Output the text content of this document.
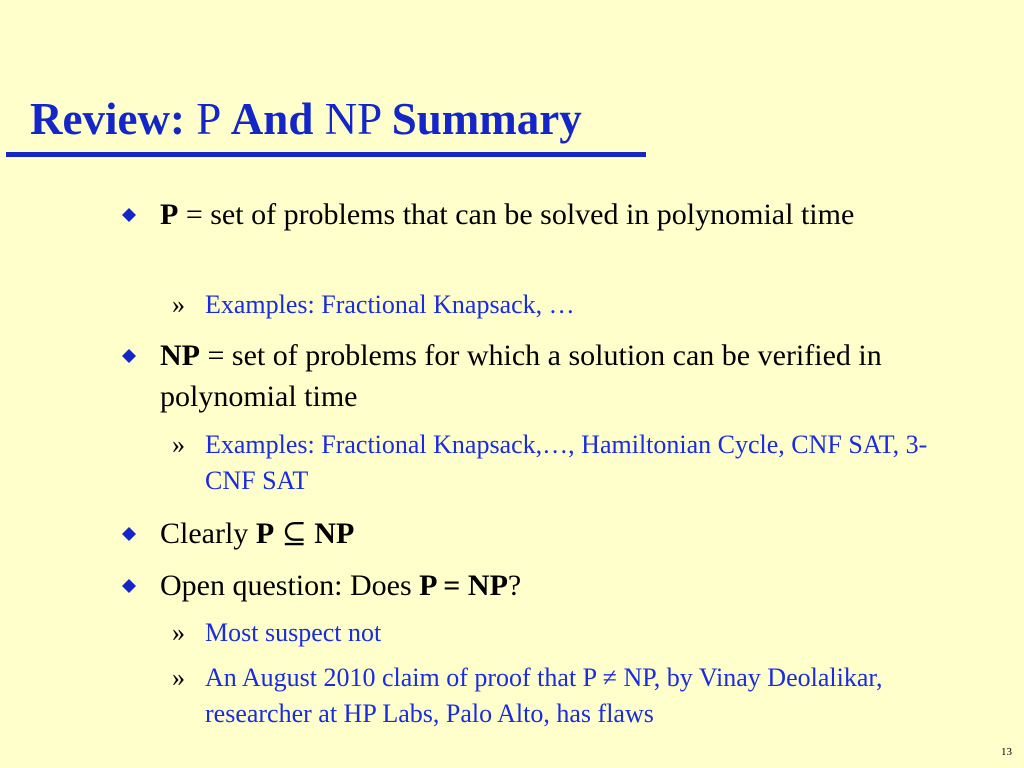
Review: P And NP Summary
P = set of problems that can be solved in polynomial time
» Examples: Fractional Knapsack, …
NP = set of problems for which a solution can be verified in polynomial time
» Examples: Fractional Knapsack,…, Hamiltonian Cycle, CNF SAT, 3-CNF SAT
Clearly P ⊆ NP
Open question: Does P = NP?
» Most suspect not
» An August 2010 claim of proof that P ≠ NP, by Vinay Deolalikar, researcher at HP Labs, Palo Alto, has flaws
13
